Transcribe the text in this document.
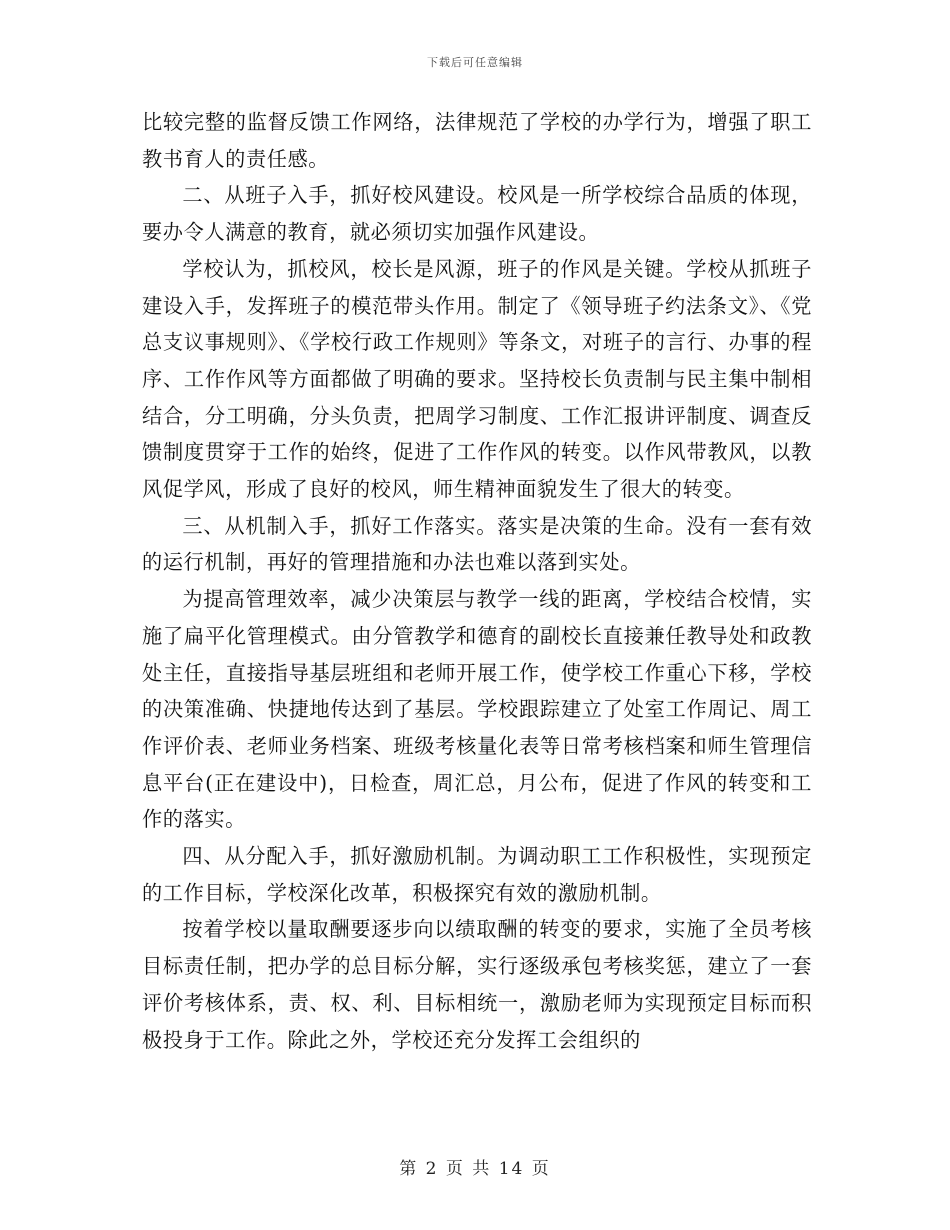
下载后可任意编辑

比较完整的监督反馈工作网络，法律规范了学校的办学行为，增强了职工教书育人的责任感。

二、从班子入手，抓好校风建设。校风是一所学校综合品质的体现，要办令人满意的教育，就必须切实加强作风建设。

学校认为，抓校风，校长是风源，班子的作风是关键。学校从抓班子建设入手，发挥班子的模范带头作用。制定了《领导班子约法条文》、《党总支议事规则》、《学校行政工作规则》等条文，对班子的言行、办事的程序、工作作风等方面都做了明确的要求。坚持校长负责制与民主集中制相结合，分工明确，分头负责，把周学习制度、工作汇报讲评制度、调查反馈制度贯穿于工作的始终，促进了工作作风的转变。以作风带教风，以教风促学风，形成了良好的校风，师生精神面貌发生了很大的转变。

三、从机制入手，抓好工作落实。落实是决策的生命。没有一套有效的运行机制，再好的管理措施和办法也难以落到实处。

为提高管理效率，减少决策层与教学一线的距离，学校结合校情，实施了扁平化管理模式。由分管教学和德育的副校长直接兼任教导处和政教处主任，直接指导基层班组和老师开展工作，使学校工作重心下移，学校的决策准确、快捷地传达到了基层。学校跟踪建立了处室工作周记、周工作评价表、老师业务档案、班级考核量化表等日常考核档案和师生管理信息平台(正在建设中)，日检查，周汇总，月公布，促进了作风的转变和工作的落实。

四、从分配入手，抓好激励机制。为调动职工工作积极性，实现预定的工作目标，学校深化改革，积极探究有效的激励机制。

按着学校以量取酬要逐步向以绩取酬的转变的要求，实施了全员考核目标责任制，把办学的总目标分解，实行逐级承包考核奖惩，建立了一套评价考核体系，责、权、利、目标相统一，激励老师为实现预定目标而积极投身于工作。除此之外，学校还充分发挥工会组织的

第 2 页 共 14 页
